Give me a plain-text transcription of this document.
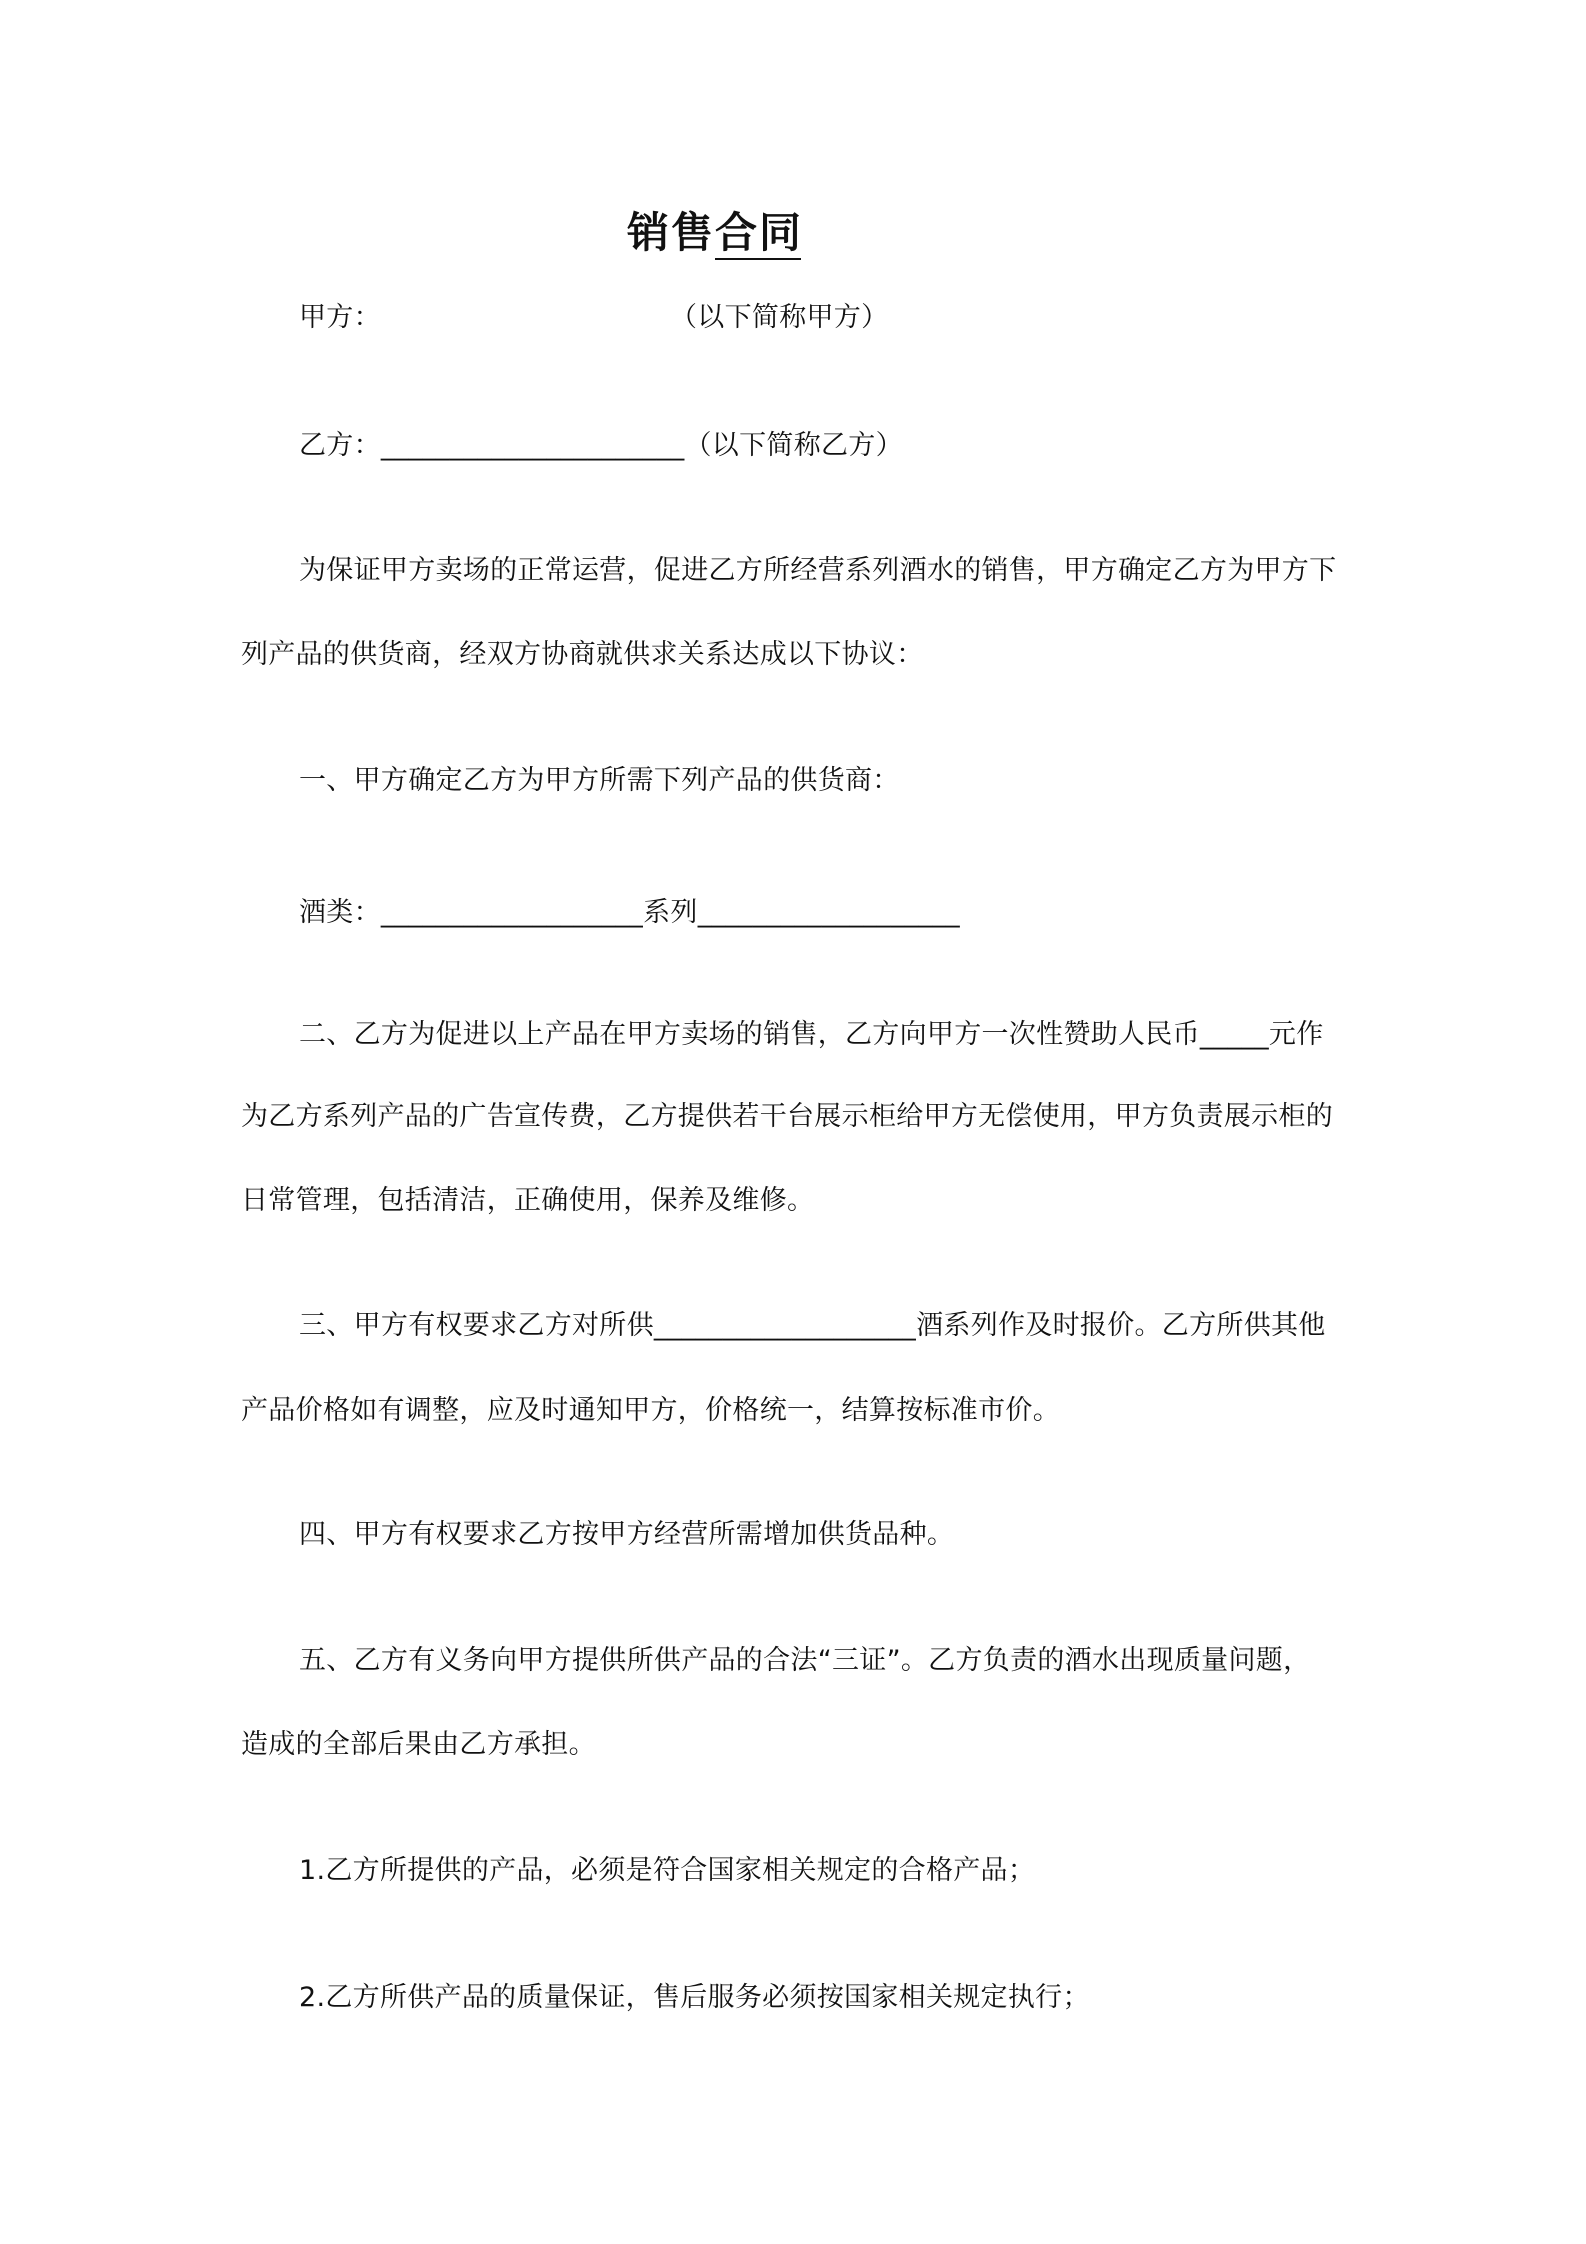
销售合同
甲方：	（以下简称甲方）
乙方：______________________（以下简称乙方）
为保证甲方卖场的正常运营，促进乙方所经营系列酒水的销售，甲方确定乙方为甲方下
列产品的供货商，经双方协商就供求关系达成以下协议：
一、甲方确定乙方为甲方所需下列产品的供货商：
酒类：___________________系列___________________
二、乙方为促进以上产品在甲方卖场的销售，乙方向甲方一次性赞助人民币_____元作
为乙方系列产品的广告宣传费，乙方提供若干台展示柜给甲方无偿使用，甲方负责展示柜的
日常管理，包括清洁，正确使用，保养及维修。
三、甲方有权要求乙方对所供___________________酒系列作及时报价。乙方所供其他
产品价格如有调整，应及时通知甲方，价格统一，结算按标准市价。
四、甲方有权要求乙方按甲方经营所需增加供货品种。
五、乙方有义务向甲方提供所供产品的合法“三证”。乙方负责的酒水出现质量问题，
造成的全部后果由乙方承担。
1.乙方所提供的产品，必须是符合国家相关规定的合格产品；
2.乙方所供产品的质量保证，售后服务必须按国家相关规定执行；
